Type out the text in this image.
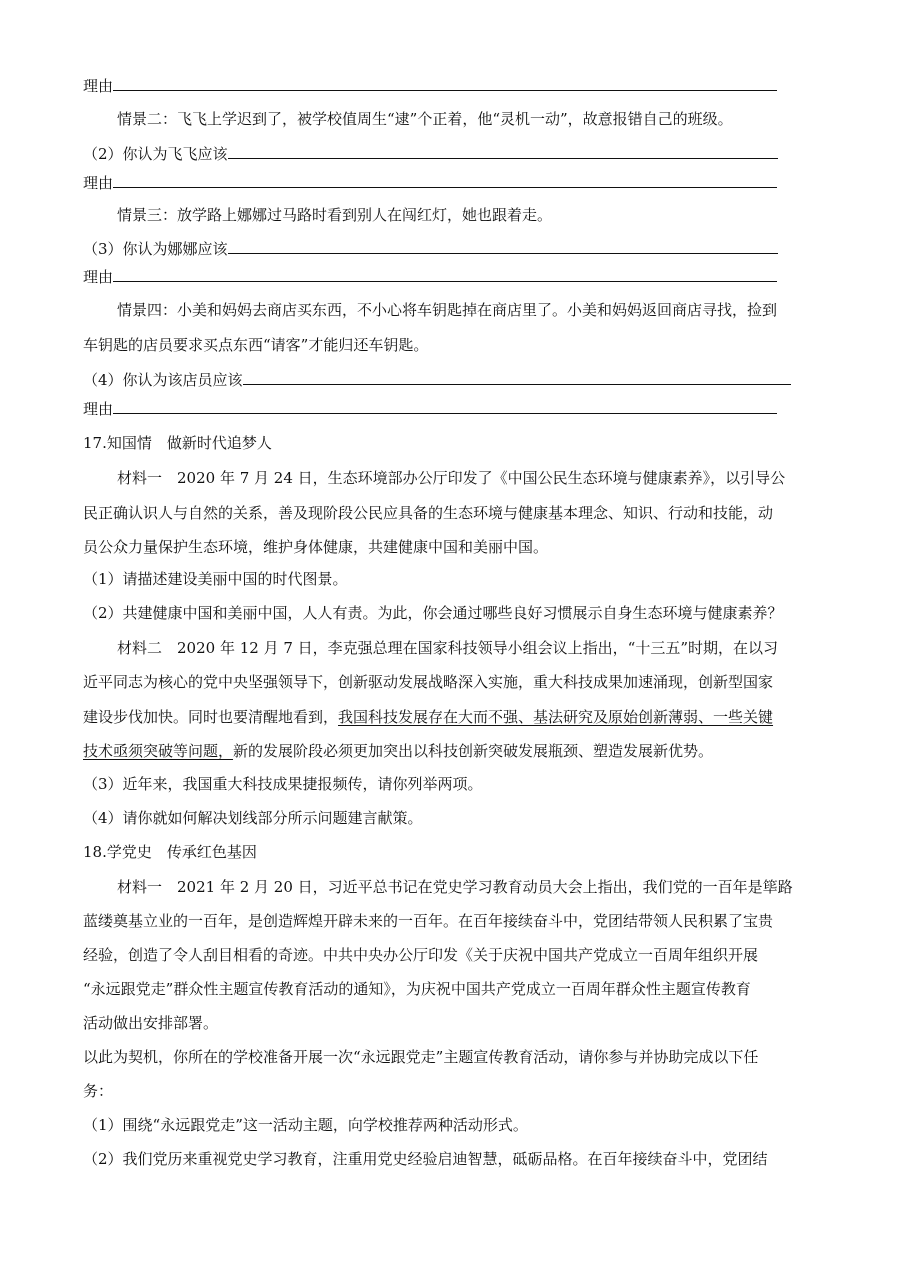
理由
情景二：飞飞上学迟到了，被学校值周生“逮”个正着，他“灵机一动”，故意报错自己的班级。
（2）你认为飞飞应该
理由
情景三：放学路上娜娜过马路时看到别人在闯红灯，她也跟着走。
（3）你认为娜娜应该
理由
情景四：小美和妈妈去商店买东西，不小心将车钥匙掉在商店里了。小美和妈妈返回商店寻找，捡到
车钥匙的店员要求买点东西“请客”才能归还车钥匙。
（4）你认为该店员应该
理由
17.知国情　做新时代追梦人
材料一　2020 年 7 月 24 日，生态环境部办公厅印发了《中国公民生态环境与健康素养》，以引导公
民正确认识人与自然的关系，善及现阶段公民应具备的生态环境与健康基本理念、知识、行动和技能，动
员公众力量保护生态环境，维护身体健康，共建健康中国和美丽中国。
（1）请描述建设美丽中国的时代图景。
（2）共建健康中国和美丽中国，人人有责。为此，你会通过哪些良好习惯展示自身生态环境与健康素养？
材料二　2020 年 12 月 7 日，李克强总理在国家科技领导小组会议上指出，“十三五”时期，在以习
近平同志为核心的党中央坚强领导下，创新驱动发展战略深入实施，重大科技成果加速涌现，创新型国家
建设步伐加快。同时也要清醒地看到，我国科技发展存在大而不强、基法研究及原始创新薄弱、一些关键
技术亟须突破等问题，新的发展阶段必须更加突出以科技创新突破发展瓶颈、塑造发展新优势。
（3）近年来，我国重大科技成果捷报频传，请你列举两项。
（4）请你就如何解决划线部分所示问题建言献策。
18.学党史　传承红色基因
材料一　2021 年 2 月 20 日，习近平总书记在党史学习教育动员大会上指出，我们党的一百年是筚路
蓝缕奠基立业的一百年，是创造辉煌开辟未来的一百年。在百年接续奋斗中，党团结带领人民积累了宝贵
经验，创造了令人刮目相看的奇迹。中共中央办公厅印发《关于庆祝中国共产党成立一百周年组织开展
“永远跟党走”群众性主题宣传教育活动的通知》，为庆祝中国共产党成立一百周年群众性主题宣传教育
活动做出安排部署。
以此为契机，你所在的学校准备开展一次“永远跟党走”主题宣传教育活动，请你参与并协助完成以下任
务：
（1）围绕“永远跟党走”这一活动主题，向学校推荐两种活动形式。
（2）我们党历来重视党史学习教育，注重用党史经验启迪智慧，砥砺品格。在百年接续奋斗中，党团结
